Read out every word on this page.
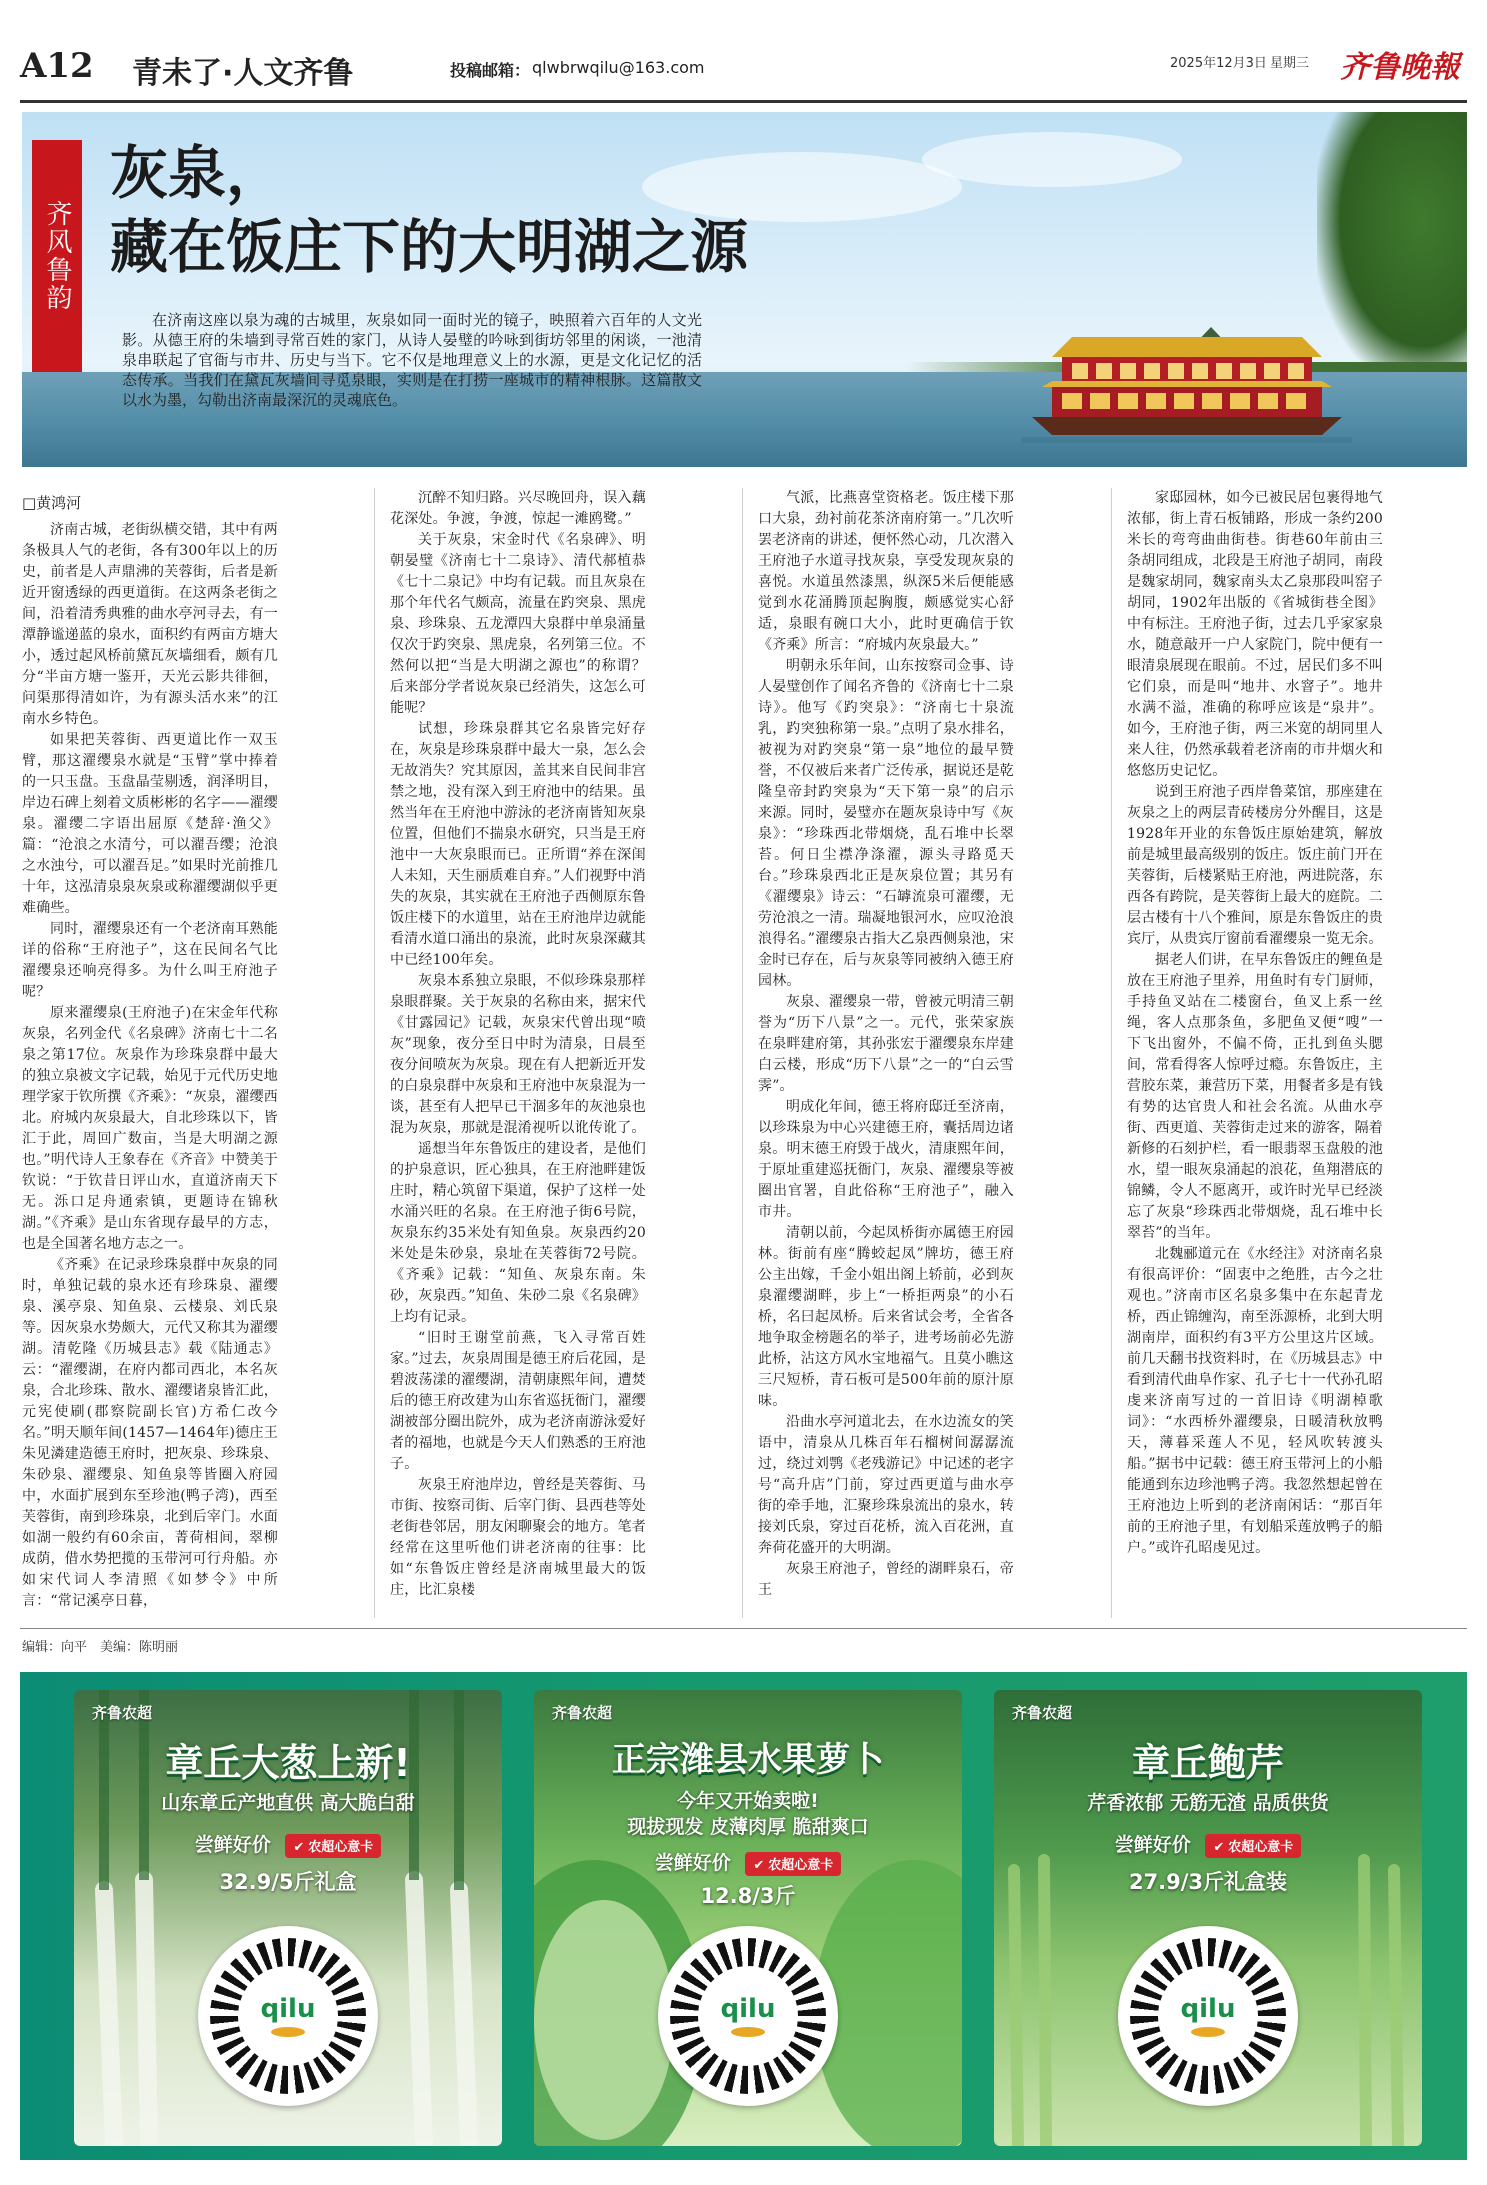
A12 青未了·人文齐鲁	投稿邮箱： qlwbrwqilu@163.com	2025年12月3日 星期三 齐鲁晚報
齐风鲁韵
灰泉，
藏在饭庄下的大明湖之源

在济南这座以泉为魂的古城里，灰泉如同一面时光的镜子，映照着六百年的人文光影。从德王府的朱墙到寻常百姓的家门，从诗人晏璧的吟咏到街坊邻里的闲谈，一池清泉串联起了官衙与市井、历史与当下。它不仅是地理意义上的水源，更是文化记忆的活态传承。当我们在黛瓦灰墙间寻觅泉眼，实则是在打捞一座城市的精神根脉。这篇散文以水为墨，勾勒出济南最深沉的灵魂底色。

□黄鸿河

济南古城，老街纵横交错，其中有两条极具人气的老街，各有300年以上的历史，前者是人声鼎沸的芙蓉街，后者是新近开窗透绿的西更道街。在这两条老街之间，沿着清秀典雅的曲水亭河寻去，有一潭静谧递蓝的泉水，面积约有两亩方塘大小，透过起风桥前黛瓦灰墙细看，颇有几分“半亩方塘一鉴开，天光云影共徘徊，问渠那得清如许，为有源头活水来”的江南水乡特色。

如果把芙蓉街、西更道比作一双玉臂，那这濯缨泉水就是“玉臂”掌中捧着的一只玉盘。玉盘晶莹剔透，润泽明目，岸边石碑上刻着文质彬彬的名字——濯缨泉。濯缨二字语出屈原《楚辞·渔父》篇：“沧浪之水清兮，可以濯吾缨；沧浪之水浊兮，可以濯吾足。”如果时光前推几十年，这泓清泉泉灰泉或称濯缨湖似乎更难确些。

同时，濯缨泉还有一个老济南耳熟能详的俗称“王府池子”，这在民间名气比濯缨泉还响亮得多。为什么叫王府池子呢？

原来濯缨泉(王府池子)在宋金年代称灰泉，名列金代《名泉碑》济南七十二名泉之第17位。灰泉作为珍珠泉群中最大的独立泉被文字记载，始见于元代历史地理学家于钦所撰《齐乘》：“灰泉，濯缨西北。府城内灰泉最大，自北珍珠以下，皆汇于此，周回广数亩，当是大明湖之源也。”明代诗人王象春在《齐音》中赞美于钦说：“于钦昔日评山水，直道济南天下无。泺口足舟通索镇，更题诗在锦秋湖。”《齐乘》是山东省现存最早的方志，也是全国著名地方志之一。

《齐乘》在记录珍珠泉群中灰泉的同时，单独记载的泉水还有珍珠泉、濯缨泉、溪亭泉、知鱼泉、云楼泉、刘氏泉等。因灰泉水势颇大，元代又称其为濯缨湖。清乾隆《历城县志》载《陆通志》云：“濯缨湖，在府内都司西北，本名灰泉，合北珍珠、散水、濯缨诸泉皆汇此，元宪使刷(郡察院副长官)方希仁改今名。”明天顺年间(1457—1464年)德庄王朱见潾建造德王府时，把灰泉、珍珠泉、朱砂泉、濯缨泉、知鱼泉等皆圈入府园中，水面扩展到东至珍池(鸭子湾)，西至芙蓉街，南到珍珠泉，北到后宰门。水面如湖一般约有60余亩，菁荷相间，翠柳成荫，借水势把揽的玉带河可行舟船。亦如宋代词人李清照《如梦令》中所言：“常记溪亭日暮，

沉醉不知归路。兴尽晚回舟，误入藕花深处。争渡，争渡，惊起一滩鸥鹭。”

关于灰泉，宋金时代《名泉碑》、明朝晏璧《济南七十二泉诗》、清代郝植恭《七十二泉记》中均有记载。而且灰泉在那个年代名气颇高，流量在趵突泉、黑虎泉、珍珠泉、五龙潭四大泉群中单泉涌量仅次于趵突泉、黑虎泉，名列第三位。不然何以把“当是大明湖之源也”的称谓？后来部分学者说灰泉已经消失，这怎么可能呢？

试想，珍珠泉群其它名泉皆完好存在，灰泉是珍珠泉群中最大一泉，怎么会无故消失？究其原因，盖其来自民间非宫禁之地，没有深入到王府池中的结果。虽然当年在王府池中游泳的老济南皆知灰泉位置，但他们不揣泉水研究，只当是王府池中一大灰泉眼而已。正所谓“养在深闺人未知，天生丽质难自弃。”人们视野中消失的灰泉，其实就在王府池子西侧原东鲁饭庄楼下的水道里，站在王府池岸边就能看清水道口涌出的泉流，此时灰泉深藏其中已经100年矣。

灰泉本系独立泉眼，不似珍珠泉那样泉眼群聚。关于灰泉的名称由来，据宋代《甘露园记》记载，灰泉宋代曾出现“喷灰”现象，夜分至日中时为清泉，日晨至夜分间喷灰为灰泉。现在有人把新近开发的白泉泉群中灰泉和王府池中灰泉混为一谈，甚至有人把早已干涸多年的灰池泉也混为灰泉，那就是混淆视听以讹传讹了。

遥想当年东鲁饭庄的建设者，是他们的护泉意识，匠心独具，在王府池畔建饭庄时，精心筑留下渠道，保护了这样一处水涌兴旺的名泉。在王府池子街6号院，灰泉东约35米处有知鱼泉。灰泉西约20米处是朱砂泉，泉址在芙蓉街72号院。《齐乘》记载：“知鱼、灰泉东南。朱砂，灰泉西。”知鱼、朱砂二泉《名泉碑》上均有记录。

“旧时王谢堂前燕，飞入寻常百姓家。”过去，灰泉周围是德王府后花园，是碧波荡漾的濯缨湖，清朝康熙年间，遭焚后的德王府改建为山东省巡抚衙门，濯缨湖被部分圈出院外，成为老济南游泳爱好者的福地，也就是今天人们熟悉的王府池子。

灰泉王府池岸边，曾经是芙蓉街、马市街、按察司街、后宰门街、县西巷等处老街巷邻居，朋友闲聊聚会的地方。笔者经常在这里听他们讲老济南的往事：比如“东鲁饭庄曾经是济南城里最大的饭庄，比汇泉楼

气派，比燕喜堂资格老。饭庄楼下那口大泉，劲衬前花茶济南府第一。”几次听罢老济南的讲述，便怀然心动，几次潜入王府池子水道寻找灰泉，享受发现灰泉的喜悦。水道虽然漆黑，纵深5米后便能感觉到水花涌腾顶起胸腹，颇感觉实心舒适，泉眼有碗口大小，此时更确信于钦《齐乘》所言：“府城内灰泉最大。”

明朝永乐年间，山东按察司佥事、诗人晏璧创作了闻名齐鲁的《济南七十二泉诗》。他写《趵突泉》：“济南七十泉流乳，趵突独称第一泉。”点明了泉水排名，被视为对趵突泉“第一泉”地位的最早赞誉，不仅被后来者广泛传承，据说还是乾隆皇帝封趵突泉为“天下第一泉”的启示来源。同时，晏璧亦在题灰泉诗中写《灰泉》：“珍珠西北带烟烧，乱石堆中长翠苔。何日尘襟净涤濯，源头寻路觅天台。”珍珠泉西北正是灰泉位置；其另有《濯缨泉》诗云：“石罅流泉可濯缨，无劳沧浪之一清。瑞凝地银河水，应叹沧浪浪得名。”濯缨泉古指大乙泉西侧泉池，宋金时已存在，后与灰泉等同被纳入德王府园林。

灰泉、濯缨泉一带，曾被元明清三朝誉为“历下八景”之一。元代，张荣家族在泉畔建府第，其孙张宏于濯缨泉东岸建白云楼，形成“历下八景”之一的“白云雪霁”。

明成化年间，德王将府邸迁至济南，以珍珠泉为中心兴建德王府，囊括周边诸泉。明末德王府毁于战火，清康熙年间，于原址重建巡抚衙门，灰泉、濯缨泉等被圈出官署，自此俗称“王府池子”，融入市井。

清朝以前，今起凤桥街亦属德王府园林。街前有座“腾蛟起凤”牌坊，德王府公主出嫁，千金小姐出阁上轿前，必到灰泉濯缨湖畔，步上“一桥拒两泉”的小石桥，名曰起凤桥。后来省试会考，全省各地争取金榜题名的举子，进考场前必先游此桥，沾这方风水宝地福气。且莫小瞧这三尺短桥，青石板可是500年前的原汁原味。

沿曲水亭河道北去，在水边流女的笑语中，清泉从几株百年石榴树间潺潺流过，绕过刘鹗《老残游记》中记述的老字号“高升店”门前，穿过西更道与曲水亭街的牵手地，汇聚珍珠泉流出的泉水，转接刘氏泉，穿过百花桥，流入百花洲，直奔荷花盛开的大明湖。

灰泉王府池子，曾经的湖畔泉石，帝王

家邸园林，如今已被民居包裹得地气浓郁，街上青石板铺路，形成一条约200米长的弯弯曲曲街巷。街巷60年前由三条胡同组成，北段是王府池子胡同，南段是魏家胡同，魏家南头太乙泉那段叫窑子胡同，1902年出版的《省城街巷全图》中有标注。王府池子街，过去几乎家家泉水，随意敲开一户人家院门，院中便有一眼清泉展现在眼前。不过，居民们多不叫它们泉，而是叫“地井、水窨子”。地井水满不溢，准确的称呼应该是“泉井”。如今，王府池子街，两三米宽的胡同里人来人往，仍然承载着老济南的市井烟火和悠悠历史记忆。

说到王府池子西岸鲁菜馆，那座建在灰泉之上的两层青砖楼房分外醒目，这是1928年开业的东鲁饭庄原始建筑，解放前是城里最高级别的饭庄。饭庄前门开在芙蓉街，后楼紧贴王府池，两进院落，东西各有跨院，是芙蓉街上最大的庭院。二层古楼有十八个雅间，原是东鲁饭庄的贵宾厅，从贵宾厅窗前看濯缨泉一览无余。

据老人们讲，在早东鲁饭庄的鲤鱼是放在王府池子里养，用鱼时有专门厨师，手持鱼叉站在二楼窗台，鱼叉上系一丝绳，客人点那条鱼，多肥鱼叉便“嗖”一下飞出窗外，不偏不倚，正扎到鱼头腮间，常看得客人惊呼过瘾。东鲁饭庄，主营胶东菜，兼营历下菜，用餐者多是有钱有势的达官贵人和社会名流。从曲水亭街、西更道、芙蓉街走过来的游客，隔着新修的石刻护栏，看一眼翡翠玉盘般的池水，望一眼灰泉涌起的浪花，鱼翔潜底的锦鳞，令人不愿离开，或许时光早已经淡忘了灰泉“珍珠西北带烟烧，乱石堆中长翠苔”的当年。

北魏郦道元在《水经注》对济南名泉有很高评价：“固衷中之绝胜，古今之壮观也。”济南市区名泉多集中在东起青龙桥，西止锦缠沟，南至泺源桥，北到大明湖南岸，面积约有3平方公里这片区域。前几天翻书找资料时，在《历城县志》中看到清代曲阜作家、孔子七十一代孙孔昭虔来济南写过的一首旧诗《明湖棹歌词》：“水西桥外濯缨泉，日暖清秋放鸭天，薄暮采莲人不见，轻风吹转渡头船。”据书中记载：德王府玉带河上的小船能通到东边珍池鸭子湾。我忽然想起曾在王府池边上听到的老济南闲话：“那百年前的王府池子里，有划船采莲放鸭子的船户。”或许孔昭虔见过。

编辑：向平　美编：陈明丽
齐鲁农超
章丘大葱上新!
山东章丘产地直供 高大脆白甜
尝鲜好价 ✔ 农超心意卡
32.9/5斤礼盒
qilu
齐鲁农超
正宗潍县水果萝卜
今年又开始卖啦!
现拔现发 皮薄肉厚 脆甜爽口
尝鲜好价 ✔ 农超心意卡
12.8/3斤
qilu
齐鲁农超
章丘鲍芹
芹香浓郁 无筋无渣 品质供货
尝鲜好价 ✔ 农超心意卡
27.9/3斤礼盒装
qilu
